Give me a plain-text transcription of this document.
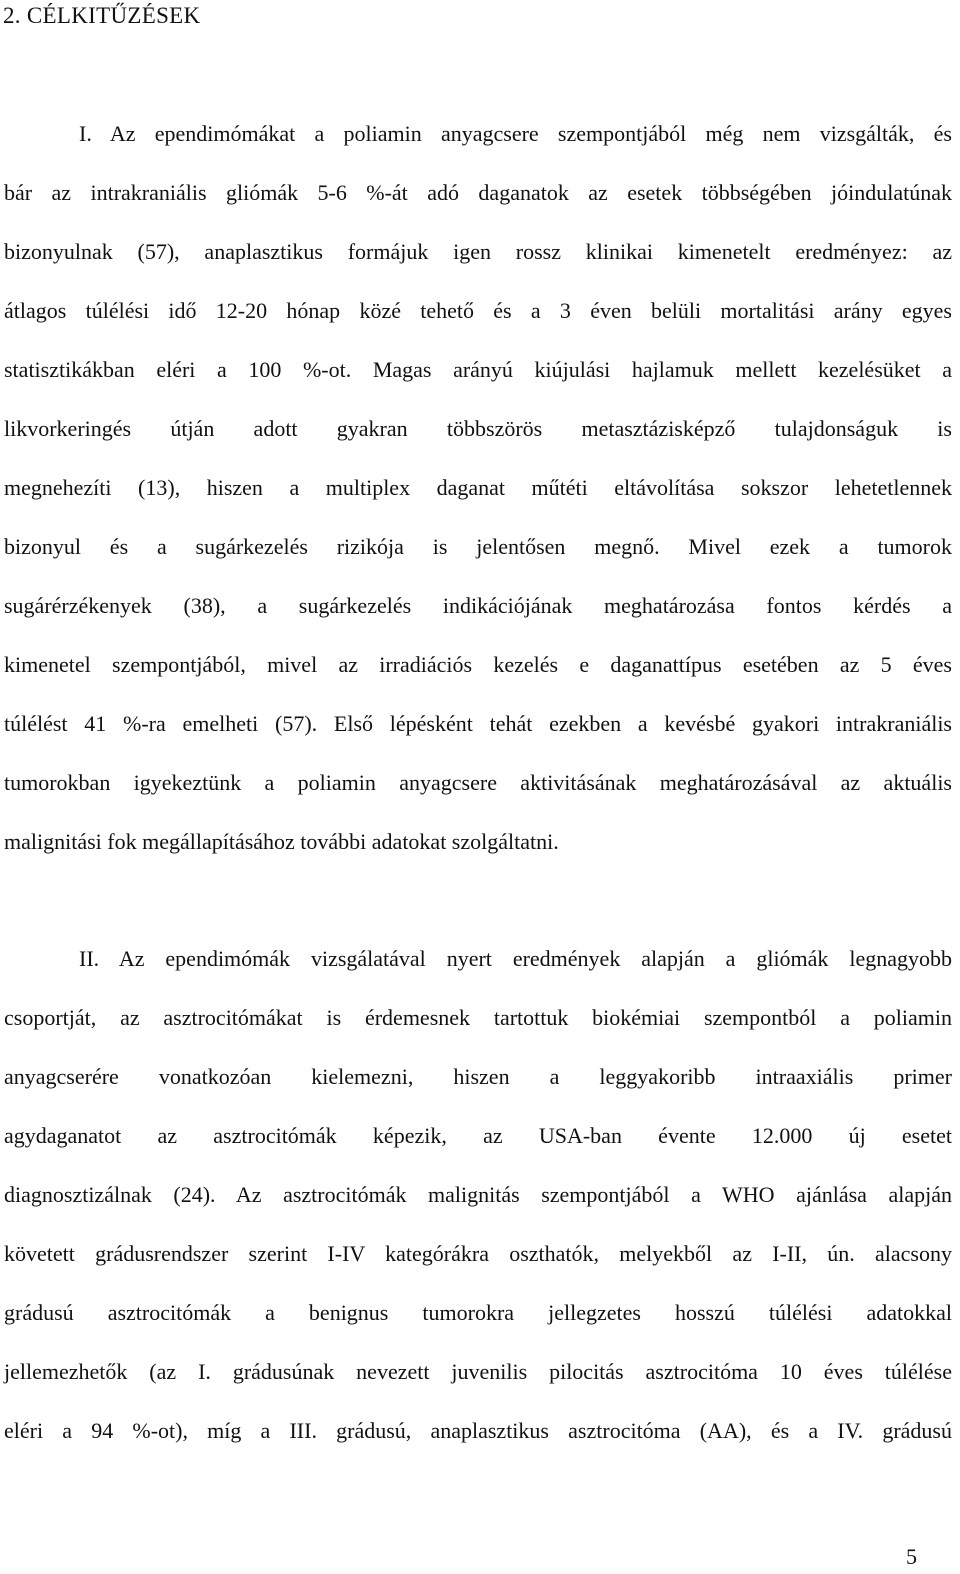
2. CÉLKITŰZÉSEK
I. Az ependimómákat a poliamin anyagcsere szempontjából még nem vizsgálták, és
bár az intrakraniális gliómák 5-6 %-át adó daganatok az esetek többségében jóindulatúnak
bizonyulnak (57), anaplasztikus formájuk igen rossz klinikai kimenetelt eredményez: az
átlagos túlélési idő 12-20 hónap közé tehető és a 3 éven belüli mortalitási arány egyes
statisztikákban eléri a 100 %-ot. Magas arányú kiújulási hajlamuk mellett kezelésüket a
likvorkeringés útján adott gyakran többszörös metasztázisképző tulajdonságuk is
megnehezíti (13), hiszen a multiplex daganat műtéti eltávolítása sokszor lehetetlennek
bizonyul és a sugárkezelés rizikója is jelentősen megnő. Mivel ezek a tumorok
sugárérzékenyek (38), a sugárkezelés indikációjának meghatározása fontos kérdés a
kimenetel szempontjából, mivel az irradiációs kezelés e daganattípus esetében az 5 éves
túlélést 41 %-ra emelheti (57). Első lépésként tehát ezekben a kevésbé gyakori intrakraniális
tumorokban igyekeztünk a poliamin anyagcsere aktivitásának meghatározásával az aktuális
malignitási fok megállapításához további adatokat szolgáltatni.
II. Az ependimómák vizsgálatával nyert eredmények alapján a gliómák legnagyobb
csoportját, az asztrocitómákat is érdemesnek tartottuk biokémiai szempontból a poliamin
anyagcserére vonatkozóan kielemezni, hiszen a leggyakoribb intraaxiális primer
agydaganatot az asztrocitómák képezik, az USA-ban évente 12.000 új esetet
diagnosztizálnak (24). Az asztrocitómák malignitás szempontjából a WHO ajánlása alapján
követett grádusrendszer szerint I-IV kategórákra oszthatók, melyekből az I-II, ún. alacsony
grádusú asztrocitómák a benignus tumorokra jellegzetes hosszú túlélési adatokkal
jellemezhetők (az I. grádusúnak nevezett juvenilis pilocitás asztrocitóma 10 éves túlélése
eléri a 94 %-ot), míg a III. grádusú, anaplasztikus asztrocitóma (AA), és a IV. grádusú
5
